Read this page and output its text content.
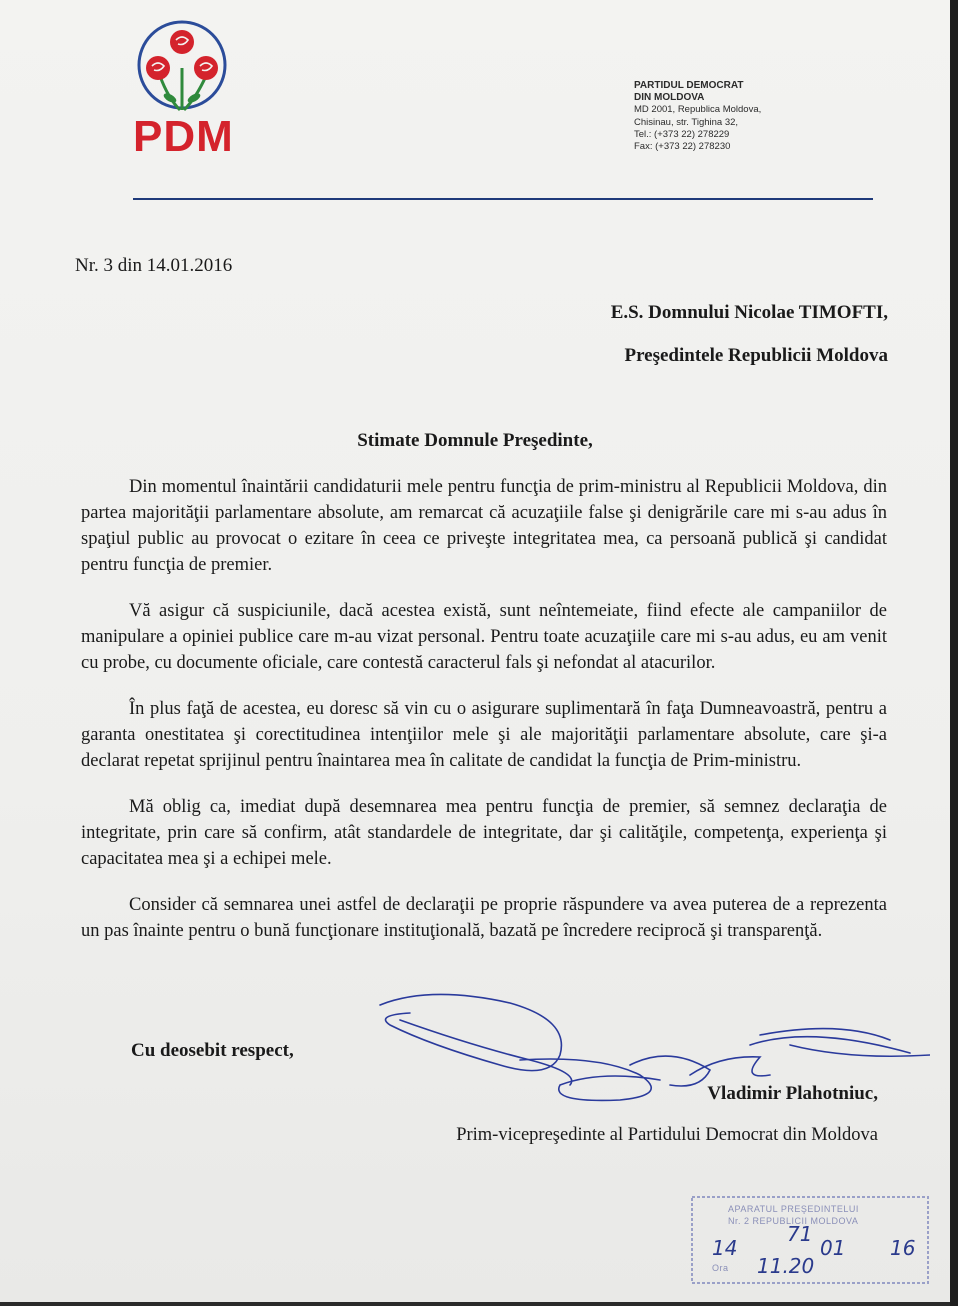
PDM
PARTIDUL DEMOCRAT
DIN MOLDOVA
MD 2001, Republica Moldova,
Chisinau, str. Tighina 32,
Tel.: (+373 22) 278229
Fax: (+373 22) 278230
Nr. 3 din 14.01.2016
E.S. Domnului Nicolae TIMOFTI,
Preşedintele Republicii Moldova
Stimate Domnule Preşedinte,

Din momentul înaintării candidaturii mele pentru funcţia de prim-ministru al Republicii Moldova, din partea majorităţii parlamentare absolute, am remarcat că acuzaţiile false şi denigrările care mi s-au adus în spaţiul public au provocat o ezitare în ceea ce priveşte integritatea mea, ca persoană publică şi candidat pentru funcţia de premier.

Vă asigur că suspiciunile, dacă acestea există, sunt neîntemeiate, fiind efecte ale campaniilor de manipulare a opiniei publice care m-au vizat personal. Pentru toate acuzaţiile care mi s-au adus, eu am venit cu probe, cu documente oficiale, care contestă caracterul fals şi nefondat al atacurilor.

În plus faţă de acestea, eu doresc să vin cu o asigurare suplimentară în faţa Dumneavoastră, pentru a garanta onestitatea şi corectitudinea intenţiilor mele şi ale majorităţii parlamentare absolute, care şi-a declarat repetat sprijinul pentru înaintarea mea în calitate de candidat la funcţia de Prim-ministru.

Mă oblig ca, imediat după desemnarea mea pentru funcţia de premier, să semnez declaraţia de integritate, prin care să confirm, atât standardele de integritate, dar şi calităţile, competenţa, experienţa şi capacitatea mea şi a echipei mele.

Consider că semnarea unei astfel de declaraţii pe proprie răspundere va avea puterea de a reprezenta un pas înainte pentru o bună funcţionare instituţională, bazată pe încredere reciprocă şi transparenţă.

Cu deosebit respect,
Vladimir Plahotniuc,
Prim-vicepreşedinte al Partidului Democrat din Moldova
APARATUL PREŞEDINTELUI
Nr. 2 REPUBLICII MOLDOVA
71
14	01 16
11.20
Ora
